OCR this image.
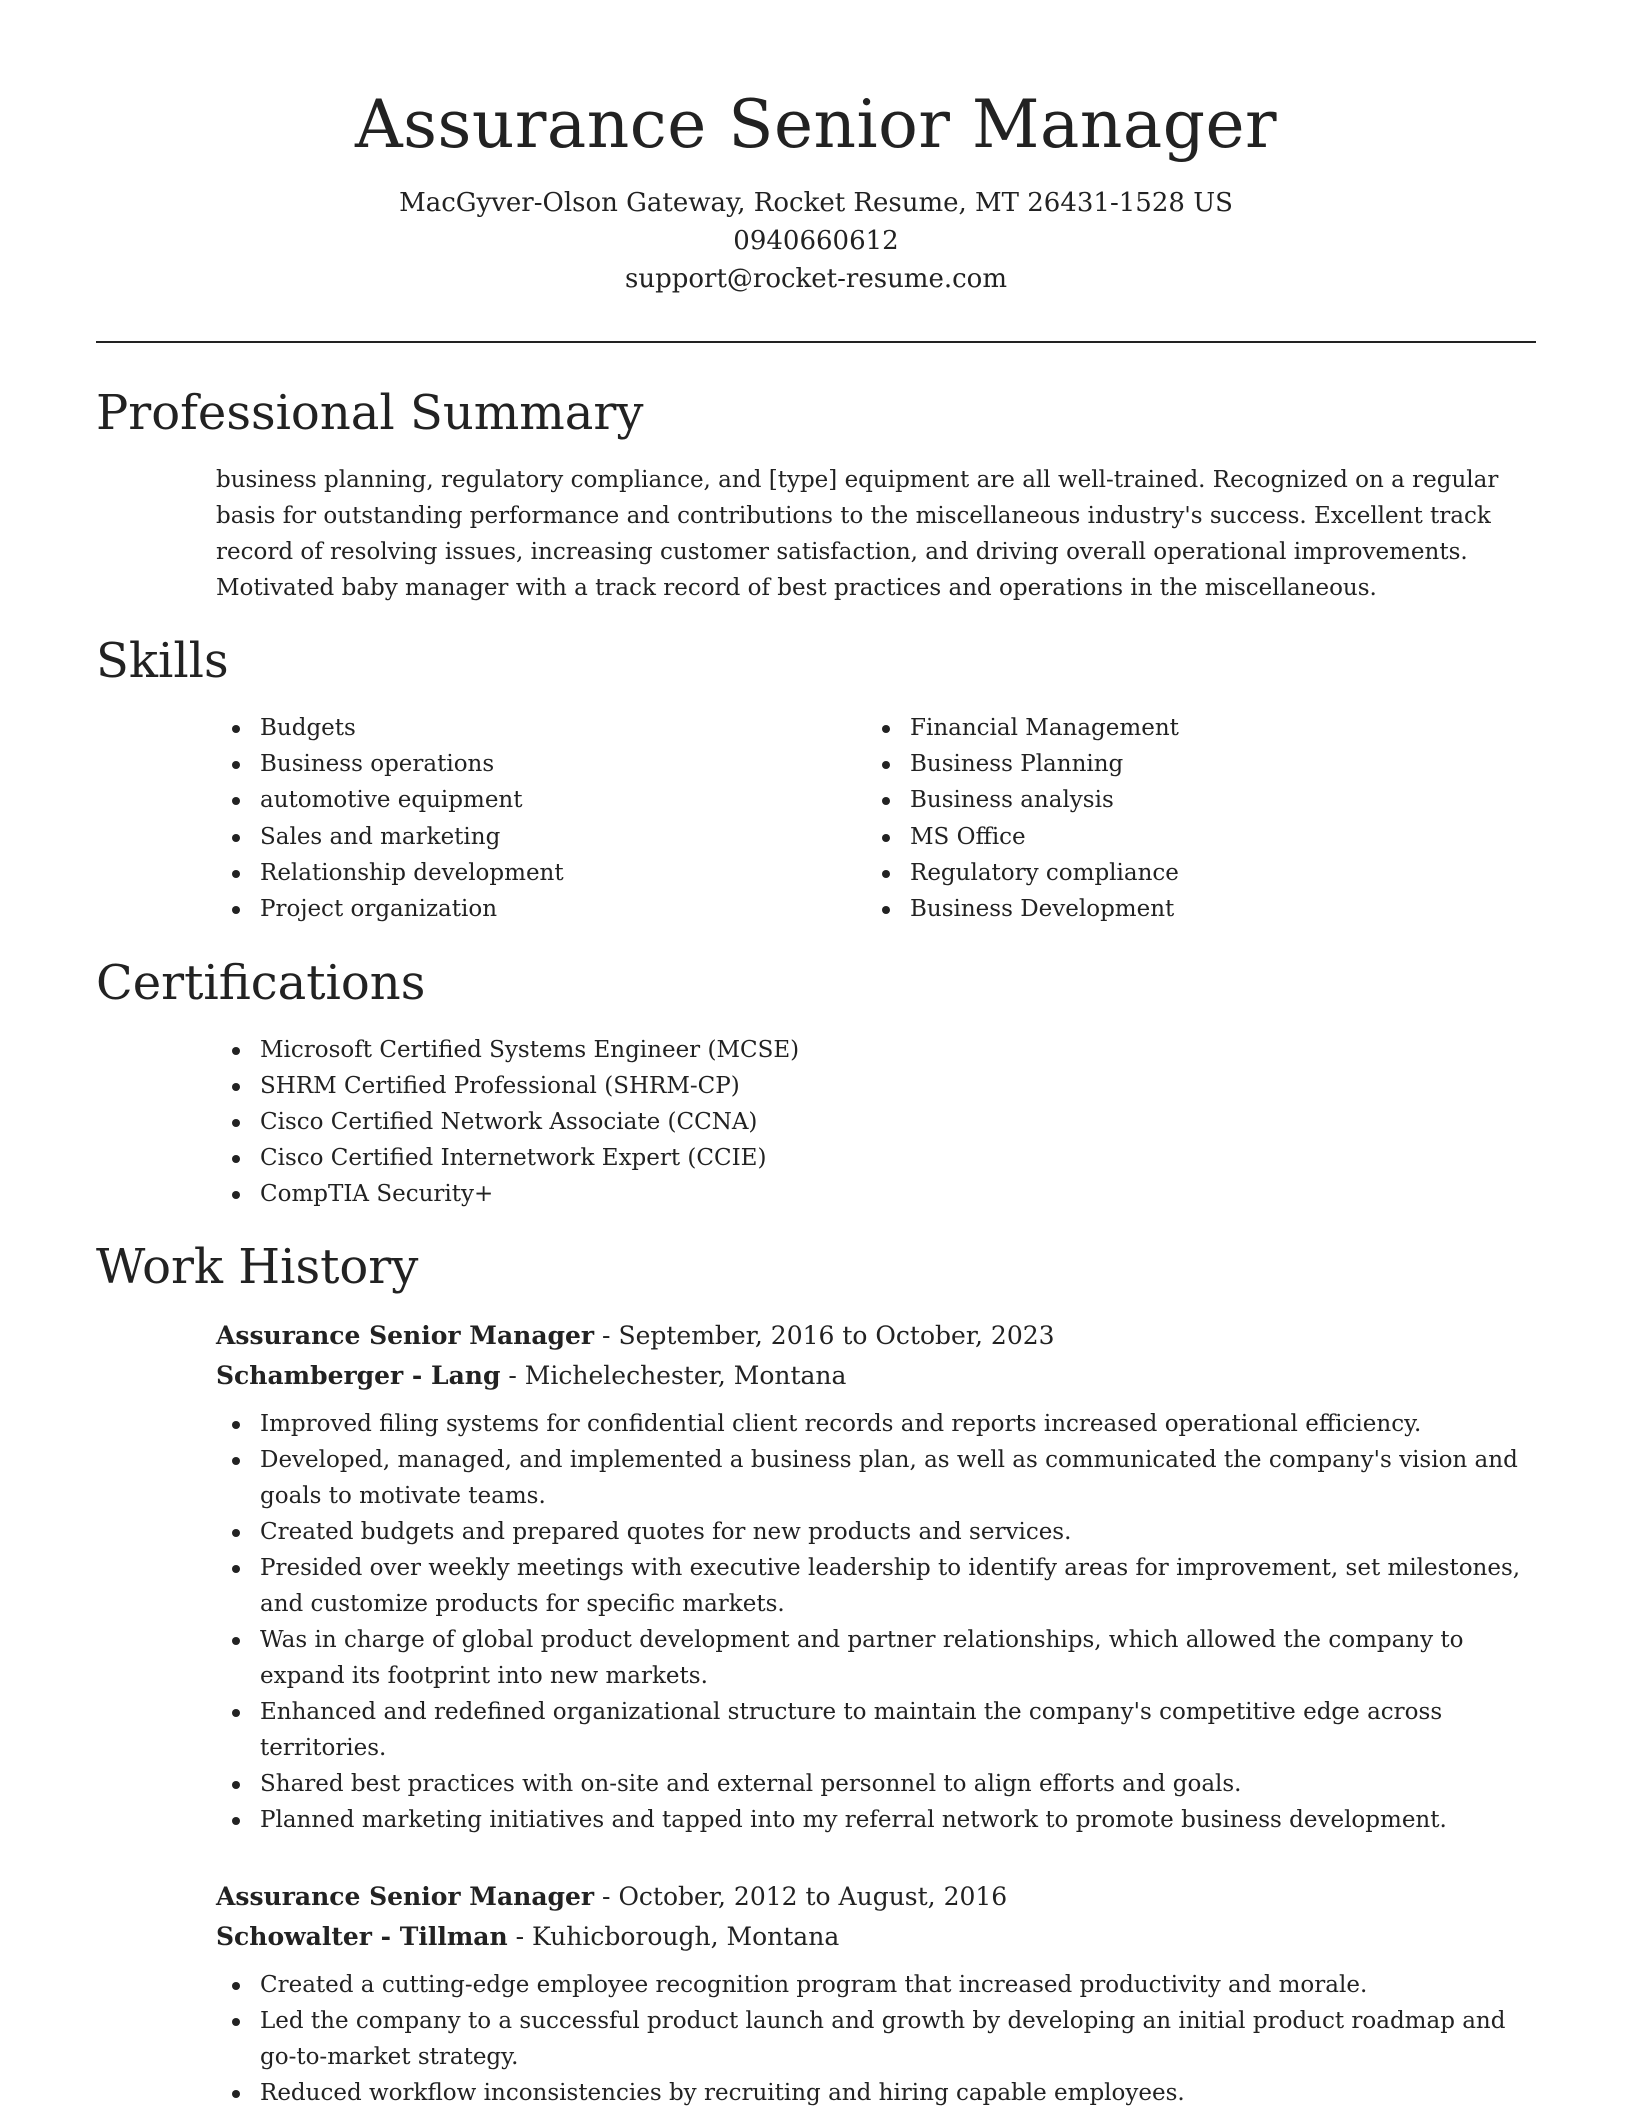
Assurance Senior Manager
MacGyver-Olson Gateway, Rocket Resume, MT 26431-1528 US
0940660612
support@rocket-resume.com
Professional Summary

business planning, regulatory compliance, and [type] equipment are all well-trained. Recognized on a regular basis for outstanding performance and contributions to the miscellaneous industry's success. Excellent track record of resolving issues, increasing customer satisfaction, and driving overall operational improvements. Motivated baby manager with a track record of best practices and operations in the miscellaneous.

Skills
Budgets
Business operations
automotive equipment
Sales and marketing
Relationship development
Project organization
Financial Management
Business Planning
Business analysis
MS Office
Regulatory compliance
Business Development
Certifications
Microsoft Certified Systems Engineer (MCSE)
SHRM Certified Professional (SHRM-CP)
Cisco Certified Network Associate (CCNA)
Cisco Certified Internetwork Expert (CCIE)
CompTIA Security+
Work History
Assurance Senior Manager - September, 2016 to October, 2023
Schamberger - Lang - Michelechester, Montana
Improved filing systems for confidential client records and reports increased operational efficiency.
Developed, managed, and implemented a business plan, as well as communicated the company's vision and goals to motivate teams.
Created budgets and prepared quotes for new products and services.
Presided over weekly meetings with executive leadership to identify areas for improvement, set milestones, and customize products for specific markets.
Was in charge of global product development and partner relationships, which allowed the company to expand its footprint into new markets.
Enhanced and redefined organizational structure to maintain the company's competitive edge across territories.
Shared best practices with on-site and external personnel to align efforts and goals.
Planned marketing initiatives and tapped into my referral network to promote business development.
Assurance Senior Manager - October, 2012 to August, 2016
Schowalter - Tillman - Kuhicborough, Montana
Created a cutting-edge employee recognition program that increased productivity and morale.
Led the company to a successful product launch and growth by developing an initial product roadmap and go-to-market strategy.
Reduced workflow inconsistencies by recruiting and hiring capable employees.
